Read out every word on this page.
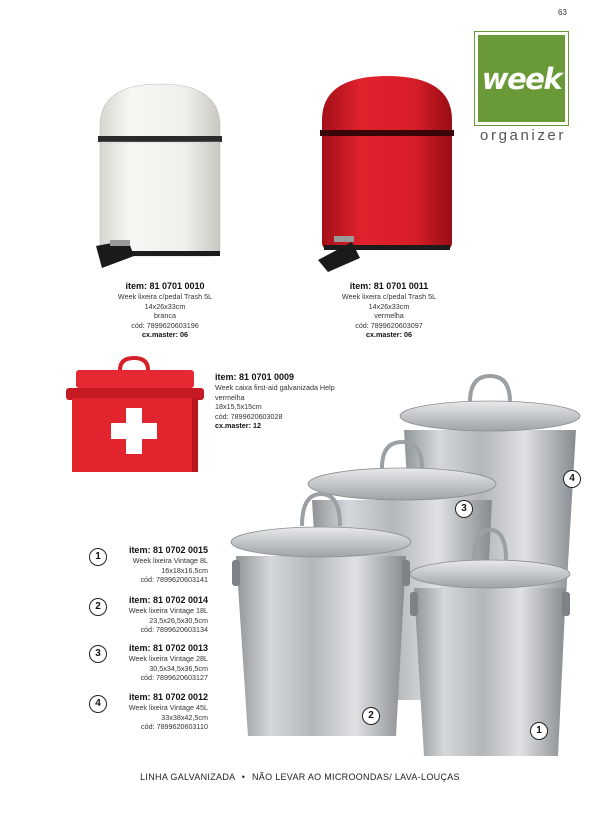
63
week
organizer
item: 81 0701 0010
Week lixeira c/pedal Trash 5L
14x26x33cm
branca
cód: 7899620603196
cx.master: 06
item: 81 0701 0011
Week lixeira c/pedal Trash 5L
14x26x33cm
vermelha
cód: 7899620603097
cx.master: 06
item: 81 0701 0009
Week caixa first-aid galvanizada Help
vermelha
18x15,5x15cm
cód: 7899620603028
cx.master: 12
4
3
2
1
1
item: 81 0702 0015
Week lixeira Vintage 8L
16x18x16,5cm
cód: 7899620603141
2
item: 81 0702 0014
Week lixeira Vintage 18L
23,5x26,5x30,5cm
cód: 7899620603134
3	item: 81 0702 0013
Week lixeira Vintage 28L
30,5x34,5x36,5cm
cód: 7899620603127
4
item: 81 0702 0012
Week lixeira Vintage 45L
33x38x42,5cm
cód: 7899620603110
LINHA GALVANIZADA • NÃO LEVAR AO MICROONDAS/ LAVA-LOUÇAS
